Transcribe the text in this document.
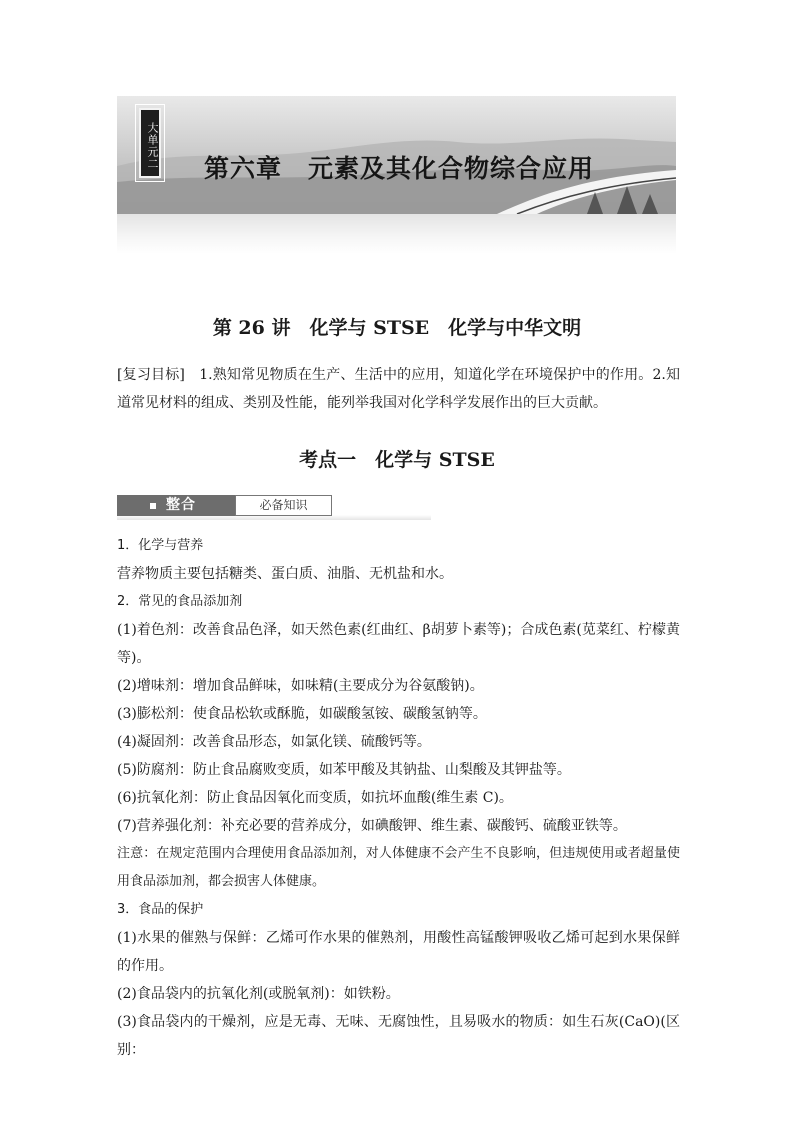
大单元二 第六章　元素及其化合物综合应用
第 26 讲　化学与 STSE　化学与中华文明
[复习目标]　1.熟知常见物质在生产、生活中的应用，知道化学在环境保护中的作用。2.知道常见材料的组成、类别及性能，能列举我国对化学科学发展作出的巨大贡献。
考点一　化学与 STSE
整合	必备知识

1．化学与营养

营养物质主要包括糖类、蛋白质、油脂、无机盐和水。

2．常见的食品添加剂

(1)着色剂：改善食品色泽，如天然色素(红曲红、β胡萝卜素等)；合成色素(苋菜红、柠檬黄等)。

(2)增味剂：增加食品鲜味，如味精(主要成分为谷氨酸钠)。

(3)膨松剂：使食品松软或酥脆，如碳酸氢铵、碳酸氢钠等。

(4)凝固剂：改善食品形态，如氯化镁、硫酸钙等。

(5)防腐剂：防止食品腐败变质，如苯甲酸及其钠盐、山梨酸及其钾盐等。

(6)抗氧化剂：防止食品因氧化而变质，如抗坏血酸(维生素 C)。

(7)营养强化剂：补充必要的营养成分，如碘酸钾、维生素、碳酸钙、硫酸亚铁等。

注意：在规定范围内合理使用食品添加剂，对人体健康不会产生不良影响，但违规使用或者超量使用食品添加剂，都会损害人体健康。

3．食品的保护

(1)水果的催熟与保鲜：乙烯可作水果的催熟剂，用酸性高锰酸钾吸收乙烯可起到水果保鲜的作用。

(2)食品袋内的抗氧化剂(或脱氧剂)：如铁粉。

(3)食品袋内的干燥剂，应是无毒、无味、无腐蚀性，且易吸水的物质：如生石灰(CaO)(区别：
